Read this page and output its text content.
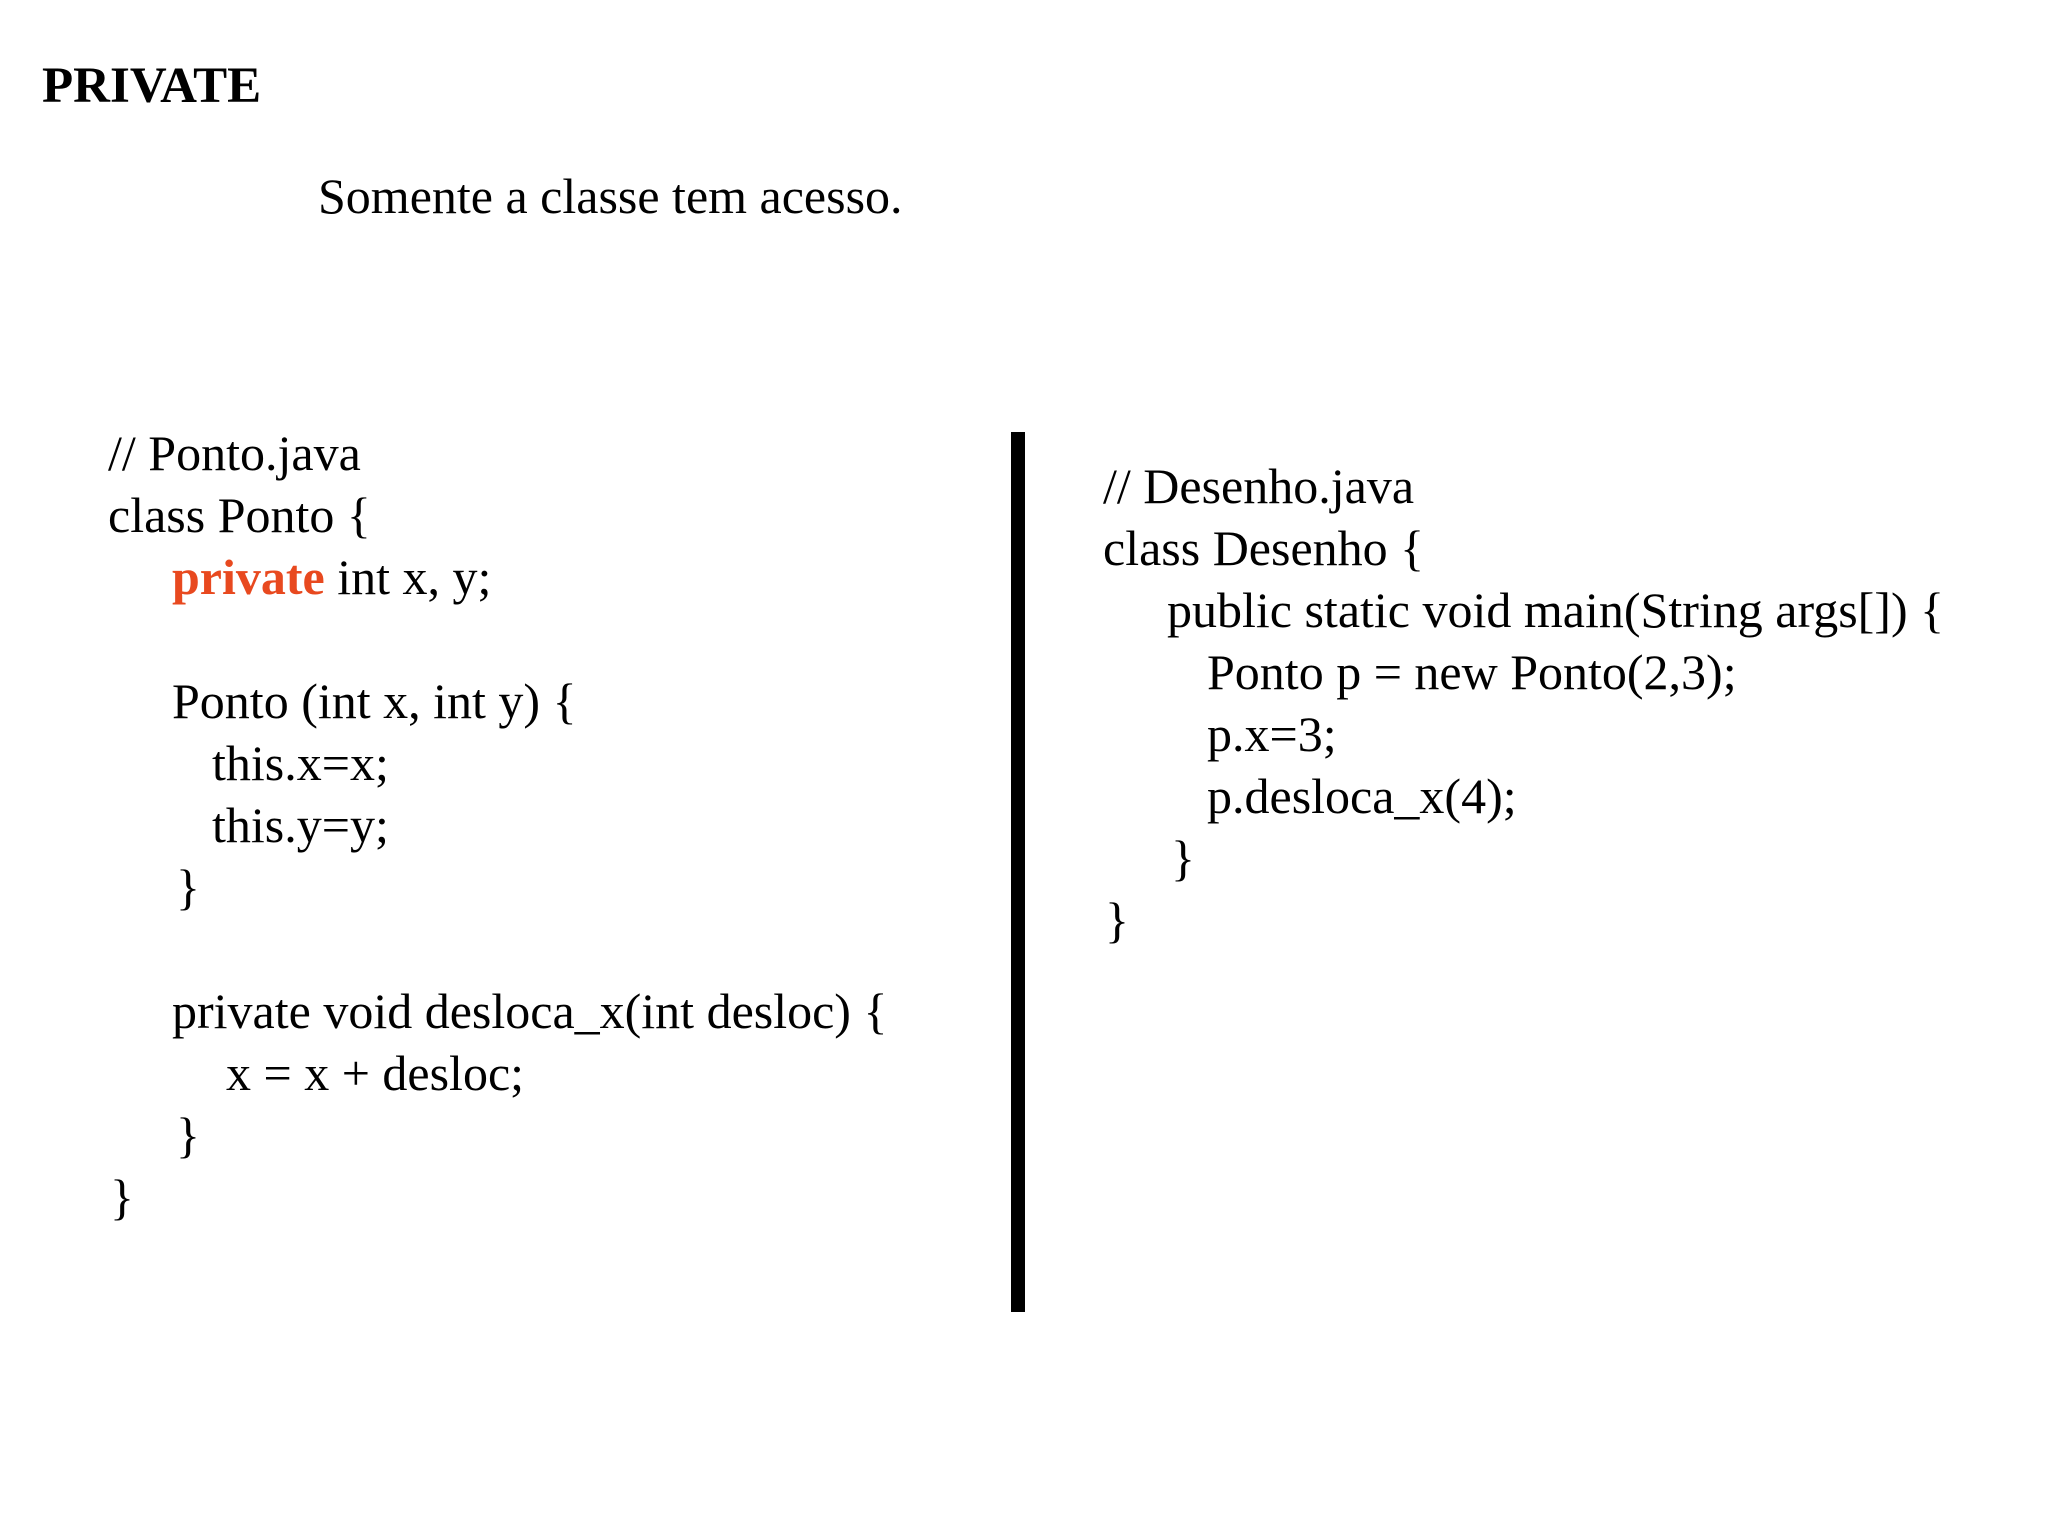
PRIVATE
Somente a classe tem acesso.
// Ponto.java
class Ponto {
private int x, y;
Ponto (int x, int y) {
this.x=x;
this.y=y;
}
private void desloca_x(int desloc) {
x = x + desloc;
}
}
// Desenho.java
class Desenho {
public static void main(String args[]) {
Ponto p = new Ponto(2,3);
p.x=3;
p.desloca_x(4);
}
}
